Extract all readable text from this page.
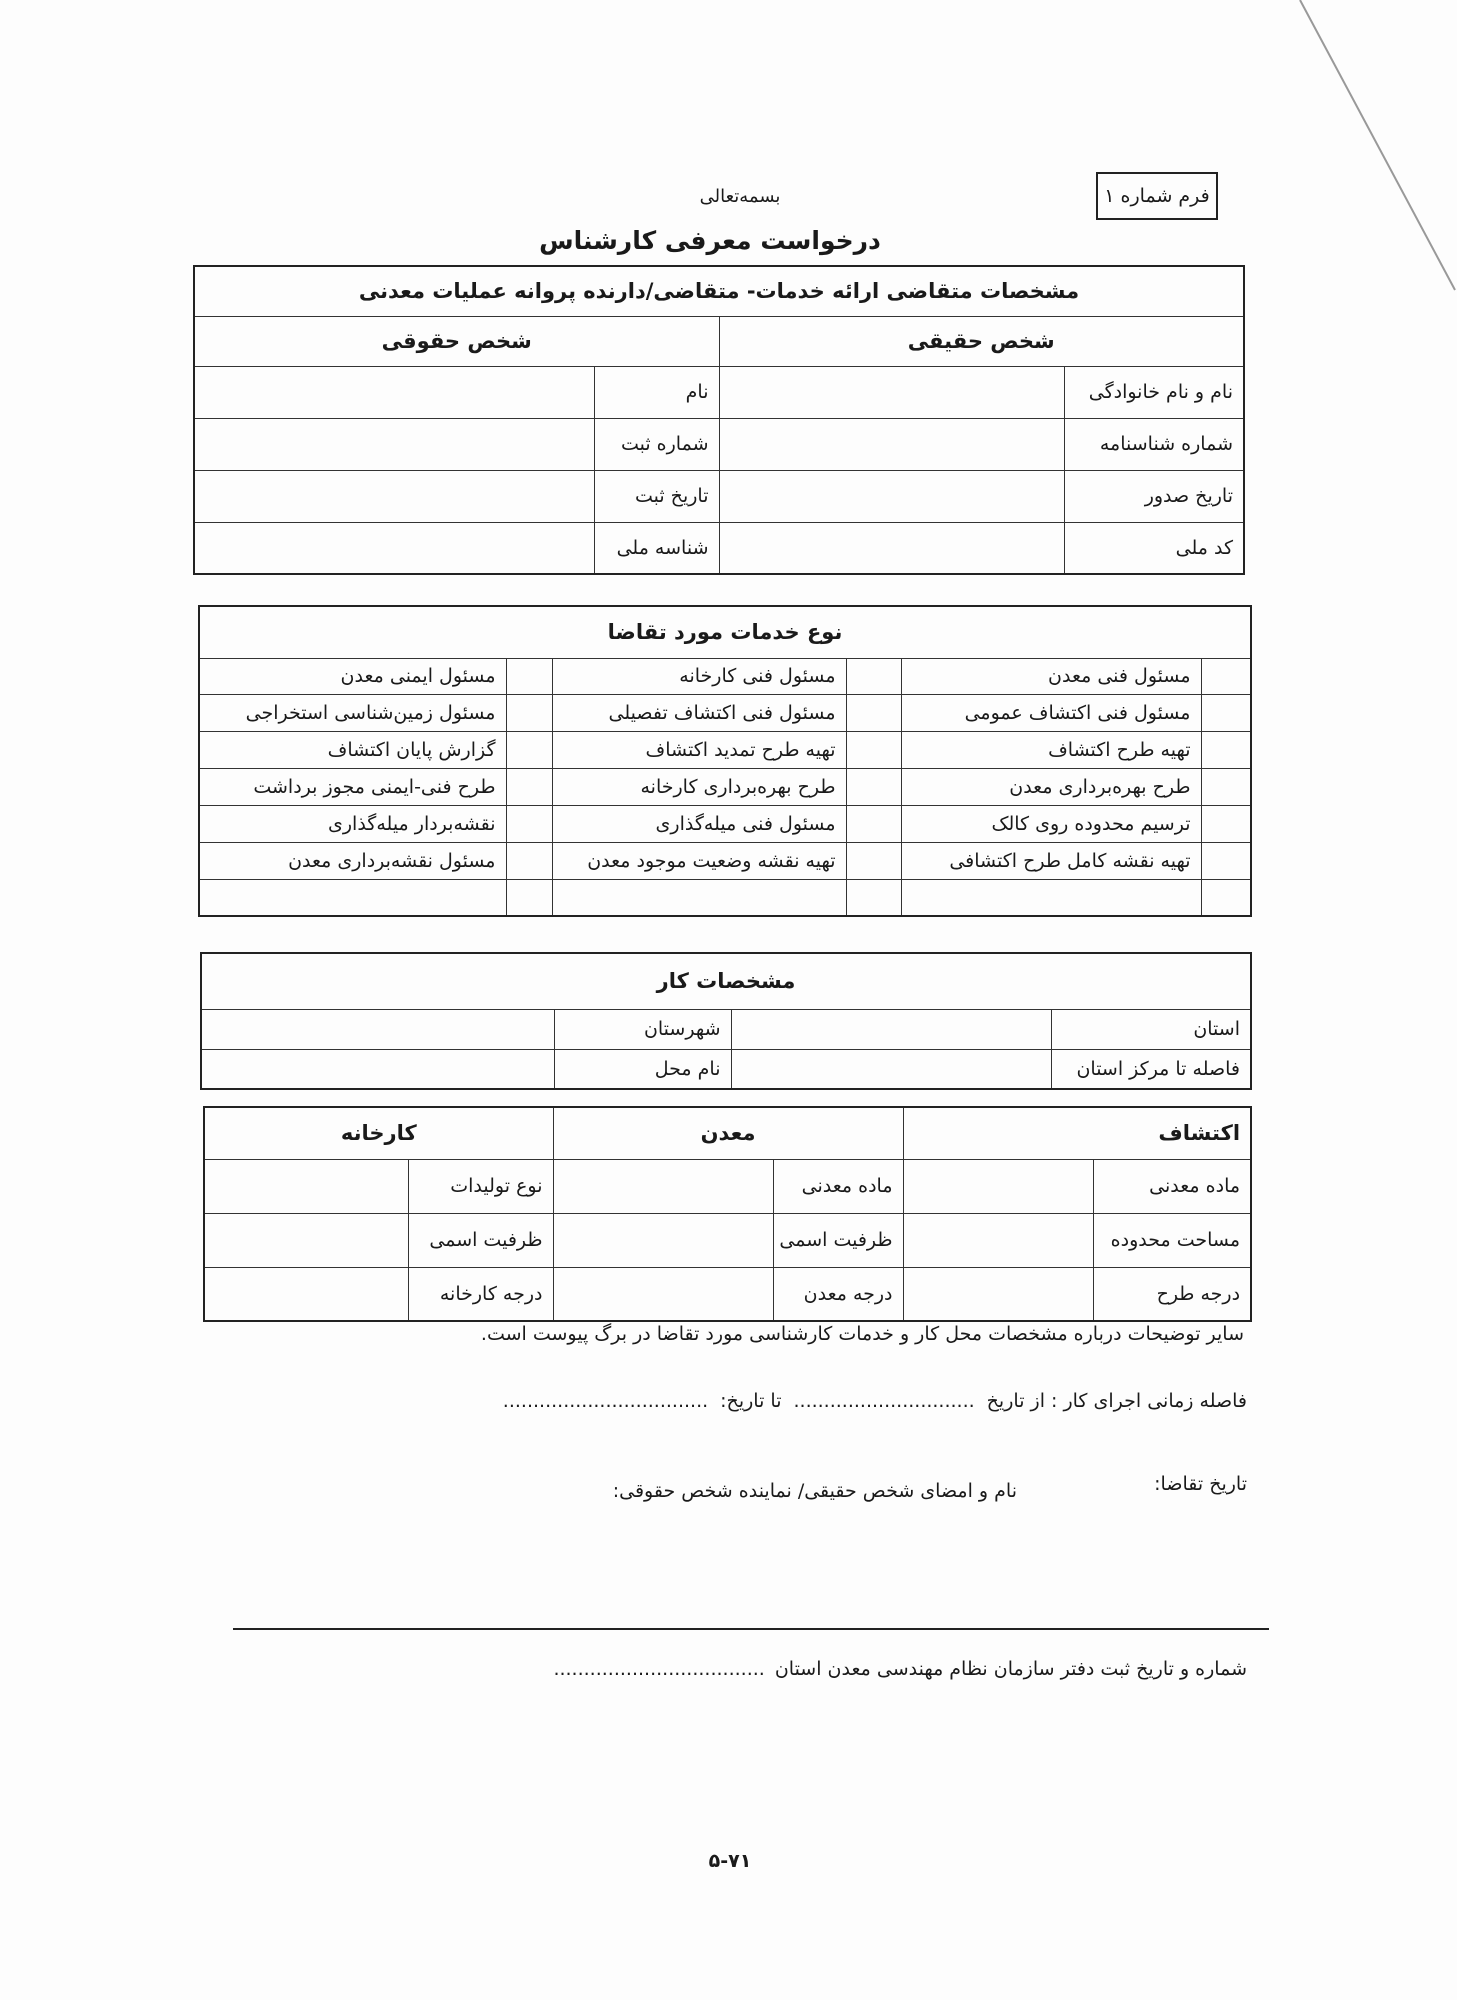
فرم شماره ۱
بسمه‌تعالی
درخواست معرفی کارشناس
مشخصات متقاضی ارائه خدمات- متقاضی/دارنده پروانه عملیات معدنی			
شخص حقیقی		شخص حقوقی	
نام و نام خانوادگی		نام	
شماره شناسنامه		شماره ثبت	
تاریخ صدور		تاریخ ثبت	
کد ملی		شناسه ملی	
نوع خدمات مورد تقاضا					
	مسئول فنی معدن		مسئول فنی کارخانه		مسئول ایمنی معدن
	مسئول فنی اکتشاف عمومی		مسئول فنی اکتشاف تفصیلی		مسئول زمین‌شناسی استخراجی
	تهیه طرح اکتشاف		تهیه طرح تمدید اکتشاف		گزارش پایان اکتشاف
	طرح بهره‌برداری معدن		طرح بهره‌برداری کارخانه		طرح فنی-ایمنی مجوز برداشت
	ترسیم محدوده روی کالک		مسئول فنی میله‌گذاری		نقشه‌بردار میله‌گذاری
	تهیه نقشه کامل طرح اکتشافی		تهیه نقشه وضعیت موجود معدن		مسئول نقشه‌برداری معدن

مشخصات کار			
استان		شهرستان	
فاصله تا مرکز استان		نام محل	
اکتشاف		معدن		کارخانه	
ماده معدنی		ماده معدنی		نوع تولیدات	
مساحت محدوده		ظرفیت اسمی		ظرفیت اسمی	
درجه طرح		درجه معدن		درجه کارخانه	
سایر توضیحات درباره مشخصات محل کار و خدمات کارشناسی مورد تقاضا در برگ پیوست است.
فاصله زمانی اجرای کار : از تاریخ
..............................
تا تاریخ:
..................................
تاریخ تقاضا:
نام و امضای شخص حقیقی/ نماینده شخص حقوقی:
شماره و تاریخ ثبت دفتر سازمان نظام مهندسی معدن استان
...................................
۵-۷۱
